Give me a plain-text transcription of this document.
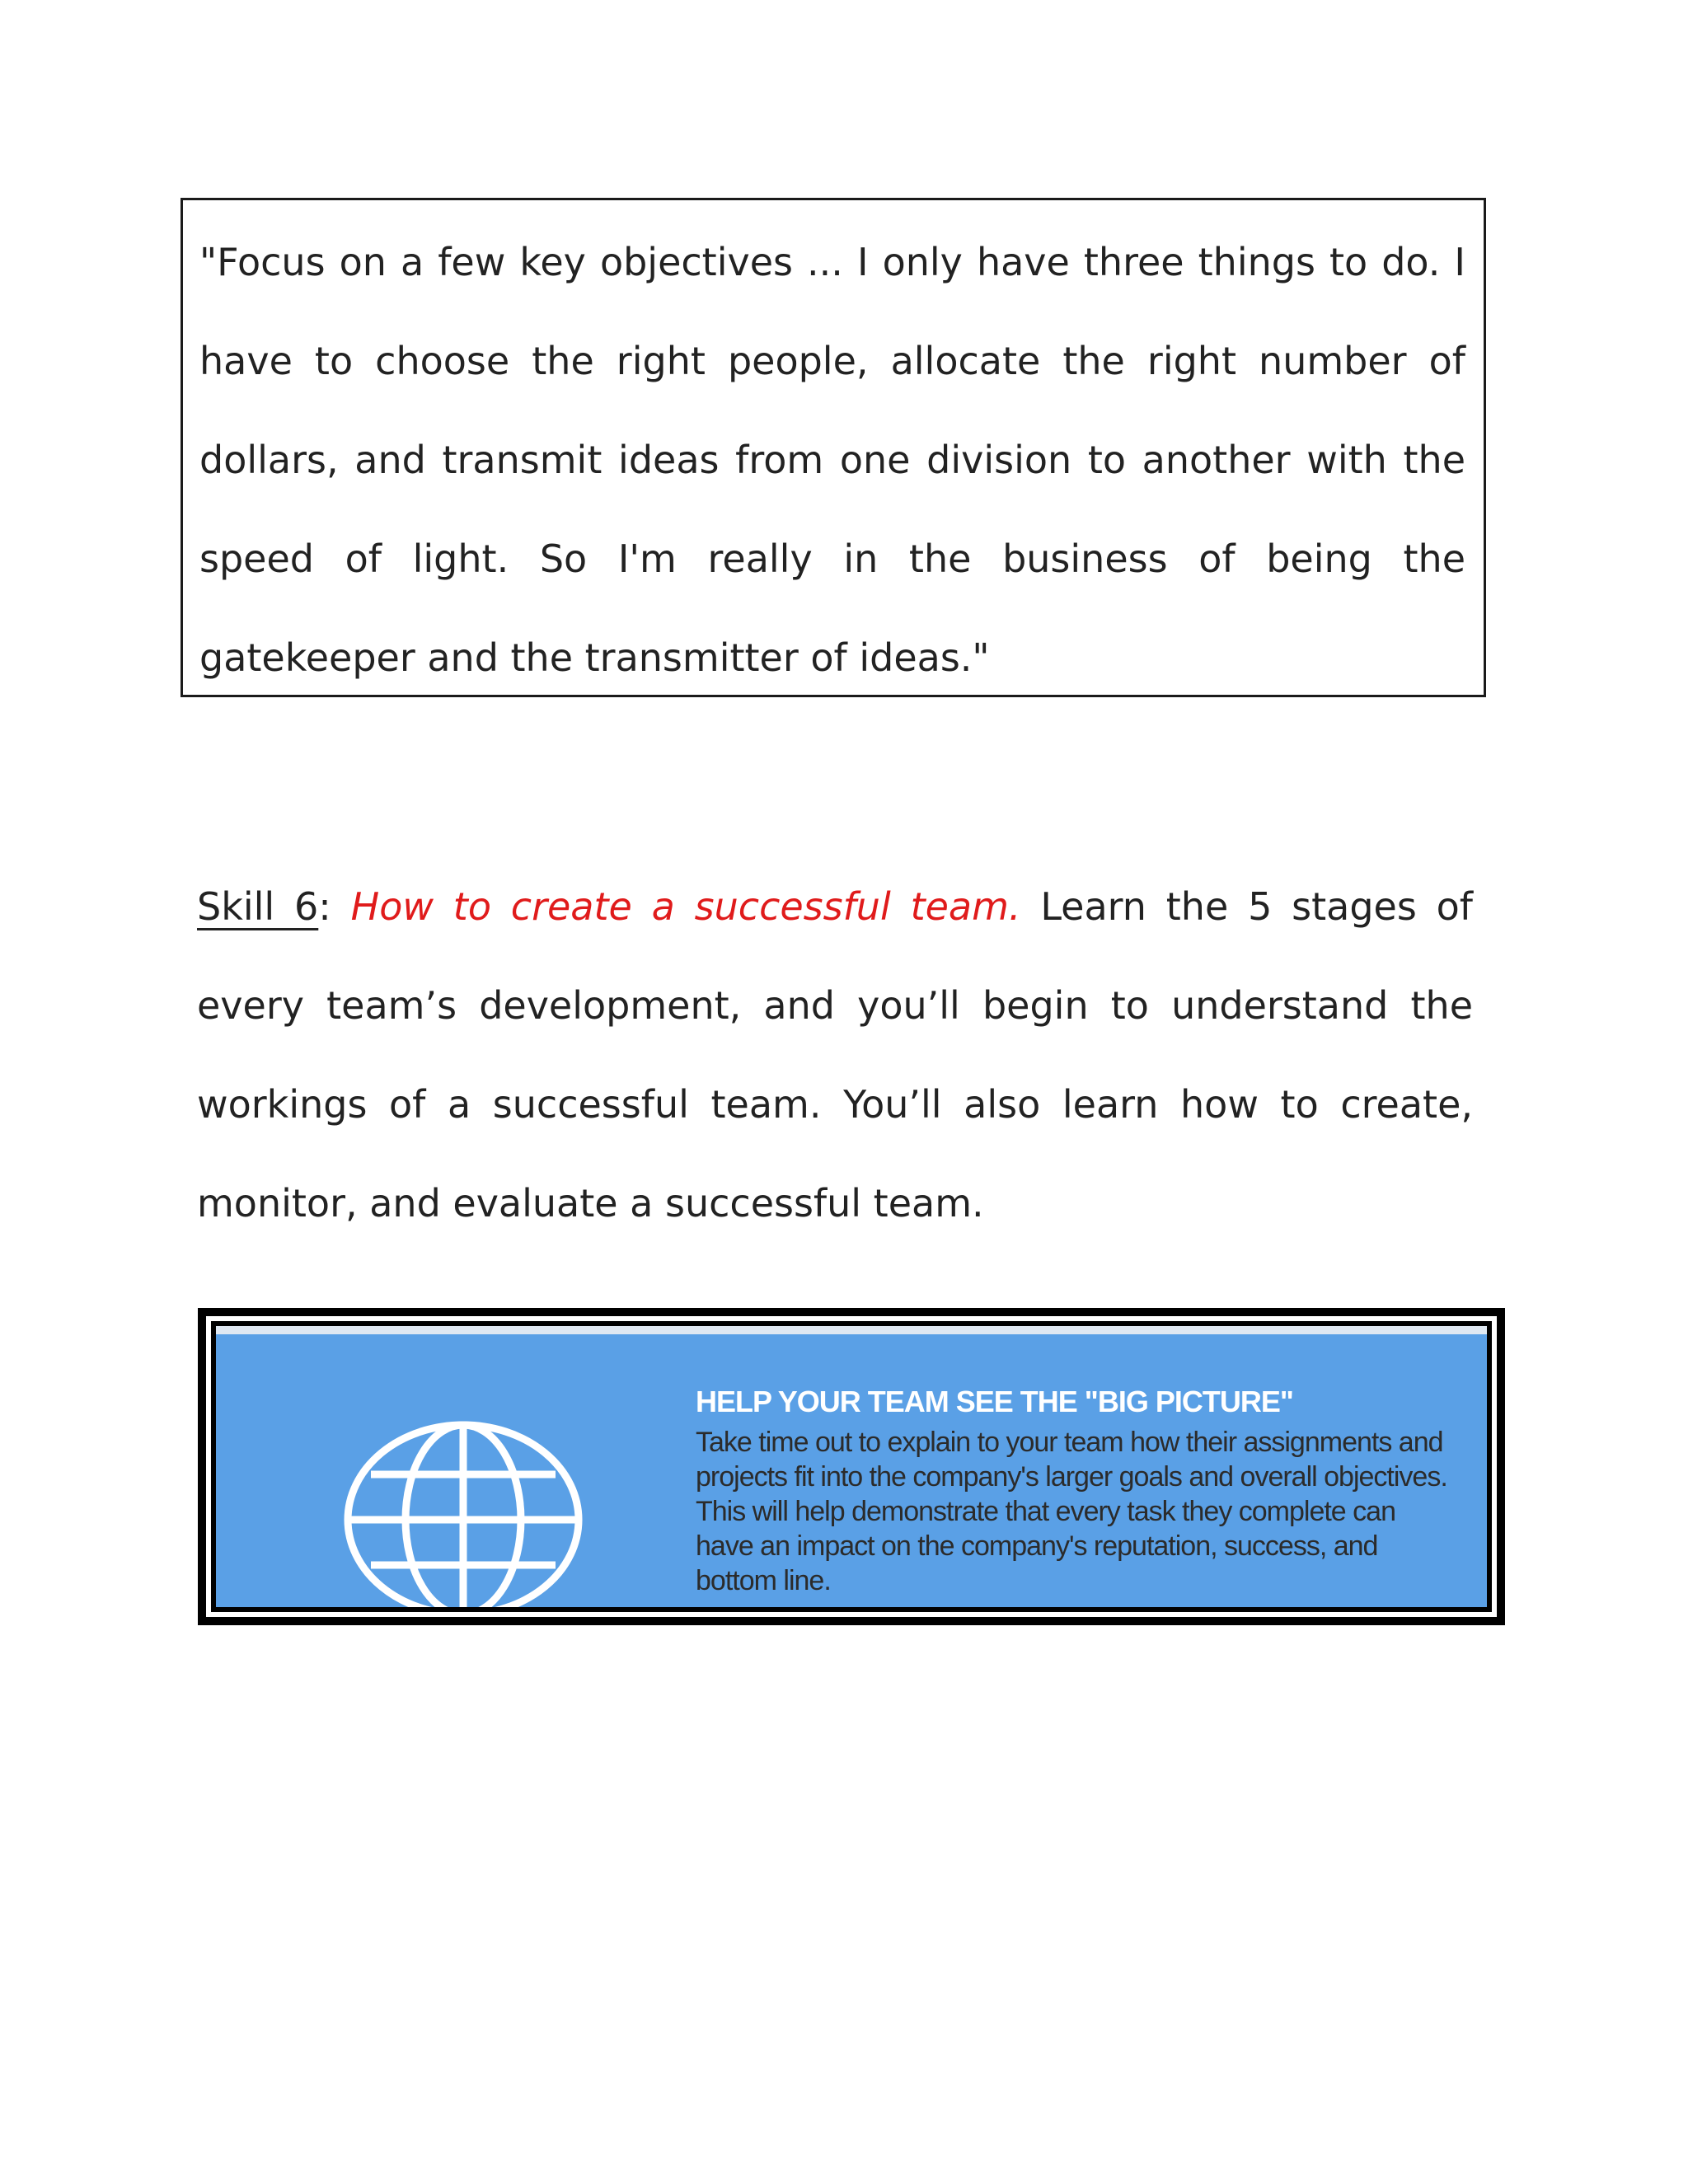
"Focus on a few key objectives ... I only have three things to do. I have to choose the right people, allocate the right number of dollars, and transmit ideas from one division to another with the speed of light. So I'm really in the business of being the gatekeeper and the transmitter of ideas."

Skill 6: How to create a successful team. Learn the 5 stages of every team’s development, and you’ll begin to understand the workings of a successful team. You’ll also learn how to create, monitor, and evaluate a successful team.

HELP YOUR TEAM SEE THE "BIG PICTURE"

Take time out to explain to your team how their assignments and projects fit into the company's larger goals and overall objectives. This will help demonstrate that every task they complete can have an impact on the company's reputation, success, and bottom line.
